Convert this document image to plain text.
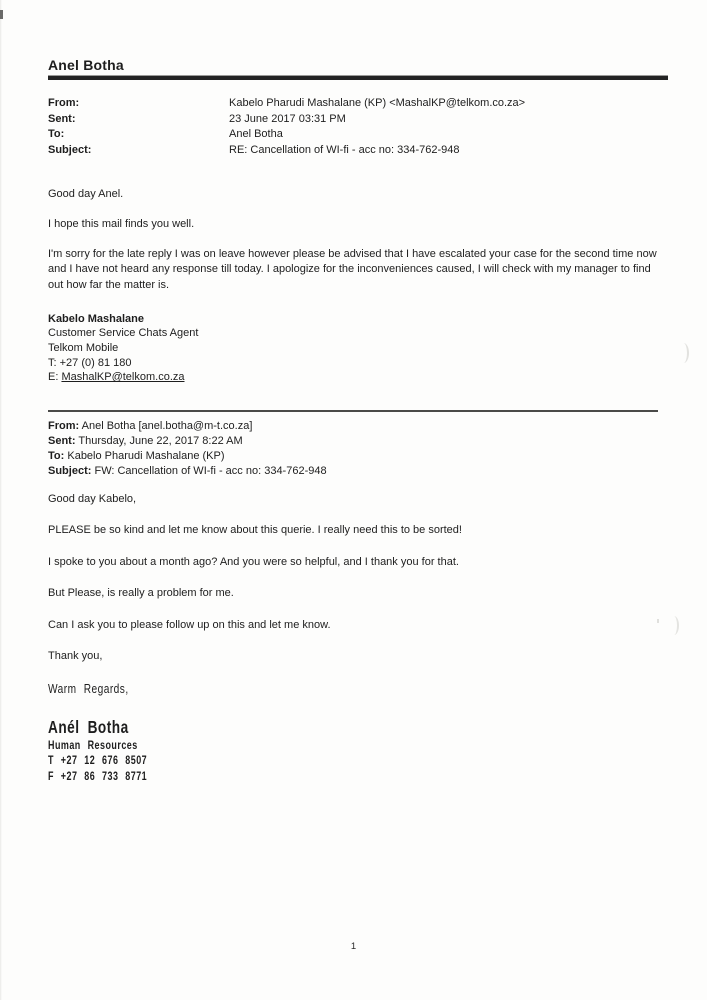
Anel Botha
From:	Kabelo Pharudi Mashalane (KP) <MashalKP@telkom.co.za>
Sent:	23 June 2017 03:31 PM
To:	Anel Botha
Subject:	RE: Cancellation of WI-fi - acc no: 334-762-948

Good day Anel.

I hope this mail finds you well.

I'm sorry for the late reply I was on leave however please be advised that I have escalated your case for the second time now and I have not heard any response till today. I apologize for the inconveniences caused, I will check with my manager to find out how far the matter is.

Kabelo Mashalane
Customer Service Chats Agent
Telkom Mobile
T: +27 (0) 81 180
E: MashalKP@telkom.co.za
From: Anel Botha [anel.botha@m-t.co.za]
Sent: Thursday, June 22, 2017 8:22 AM
To: Kabelo Pharudi Mashalane (KP)
Subject: FW: Cancellation of WI-fi - acc no: 334-762-948

Good day Kabelo,

PLEASE be so kind and let me know about this querie. I really need this to be sorted!

I spoke to you about a month ago? And you were so helpful, and I thank you for that.

But Please, is really a problem for me.

Can I ask you to please follow up on this and let me know.

Thank you,

Warm Regards,
Anél Botha
Human Resources
T +27 12 676 8507
F +27 86 733 8771
1
